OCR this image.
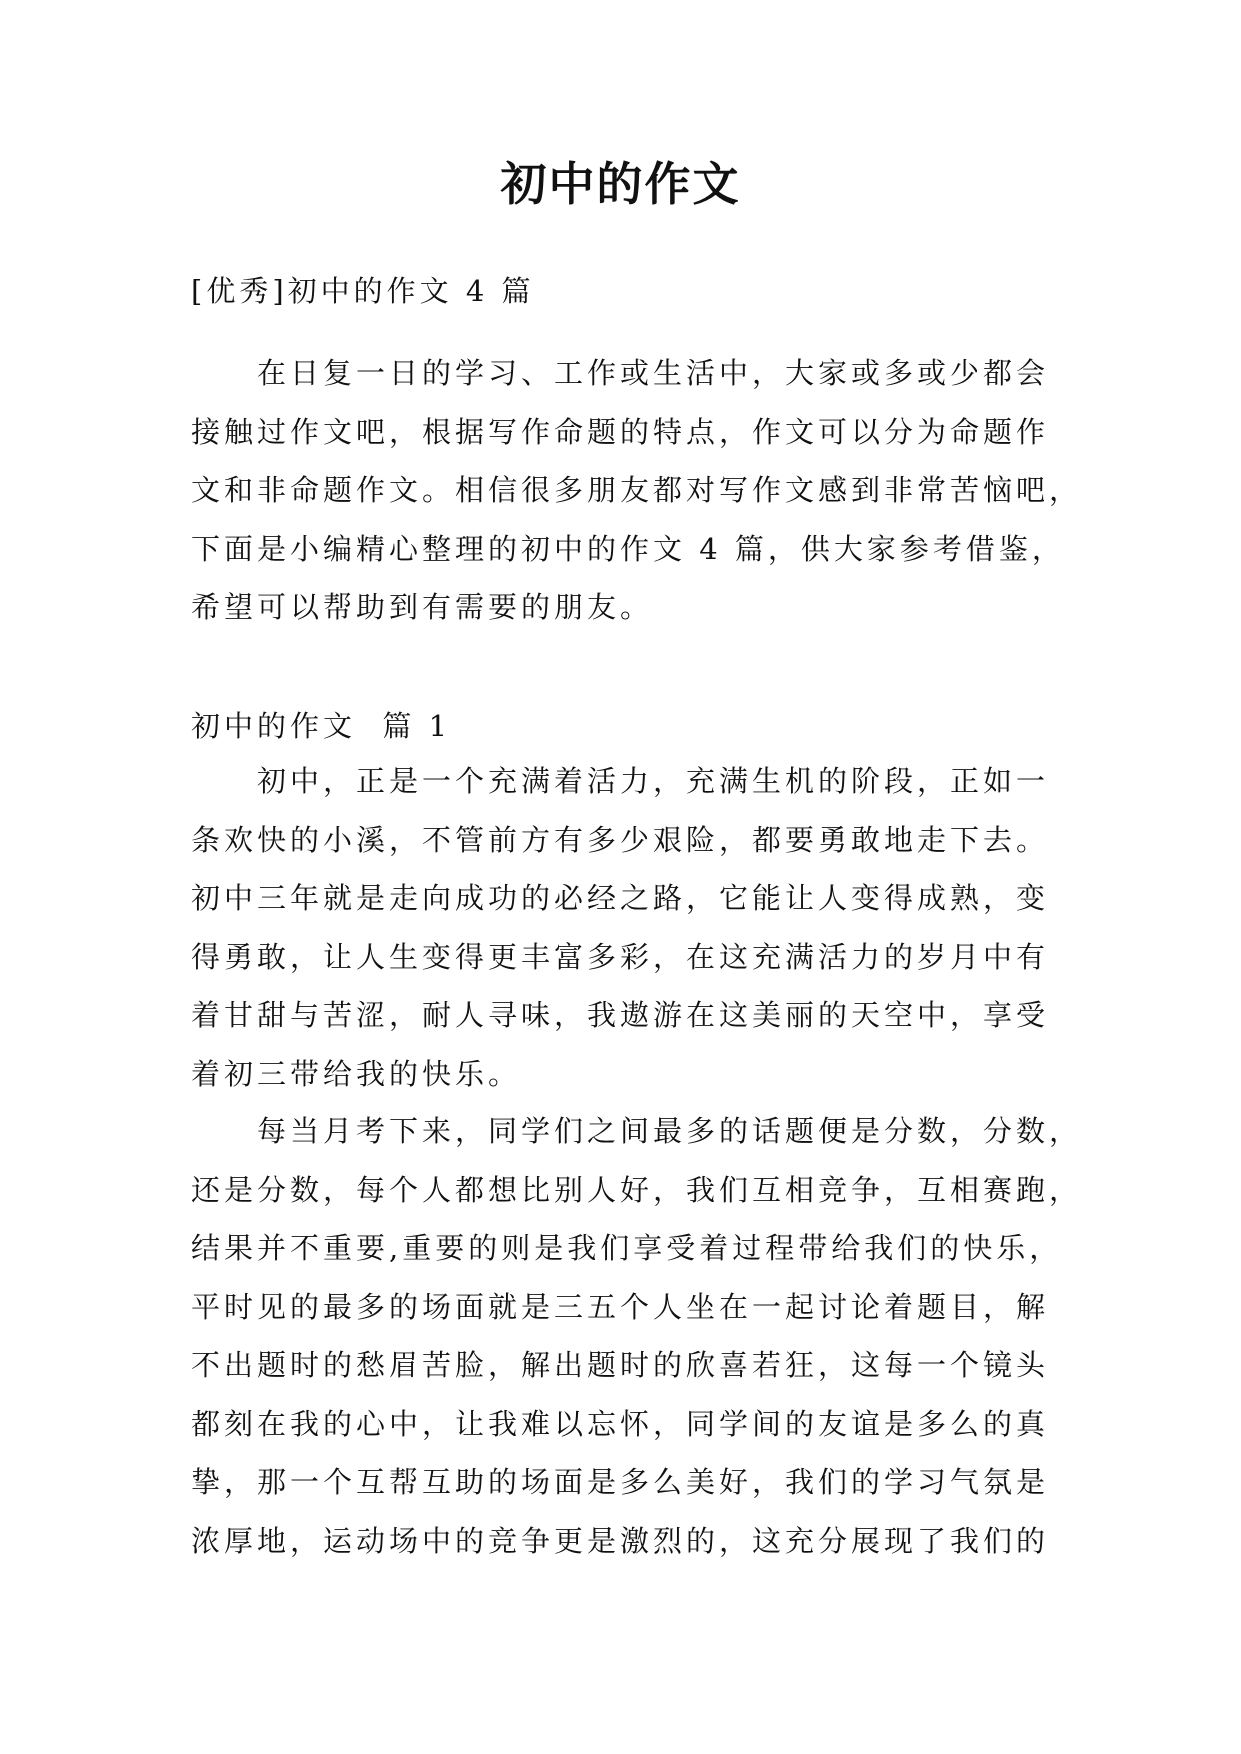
初中的作文

[优秀]初中的作文 4 篇

在日复一日的学习、工作或生活中，大家或多或少都会
接触过作文吧，根据写作命题的特点，作文可以分为命题作
文和非命题作文。相信很多朋友都对写作文感到非常苦恼吧，
下面是小编精心整理的初中的作文 4 篇，供大家参考借鉴，
希望可以帮助到有需要的朋友。

初中的作文  篇 1

初中，正是一个充满着活力，充满生机的阶段，正如一
条欢快的小溪，不管前方有多少艰险，都要勇敢地走下去。
初中三年就是走向成功的必经之路，它能让人变得成熟，变
得勇敢，让人生变得更丰富多彩，在这充满活力的岁月中有
着甘甜与苦涩，耐人寻味，我遨游在这美丽的天空中，享受
着初三带给我的快乐。
每当月考下来，同学们之间最多的话题便是分数，分数，
还是分数，每个人都想比别人好，我们互相竞争，互相赛跑，
结果并不重要,重要的则是我们享受着过程带给我们的快乐，
平时见的最多的场面就是三五个人坐在一起讨论着题目，解
不出题时的愁眉苦脸，解出题时的欣喜若狂，这每一个镜头
都刻在我的心中，让我难以忘怀，同学间的友谊是多么的真
挚，那一个互帮互助的场面是多么美好，我们的学习气氛是
浓厚地，运动场中的竞争更是激烈的，这充分展现了我们的
